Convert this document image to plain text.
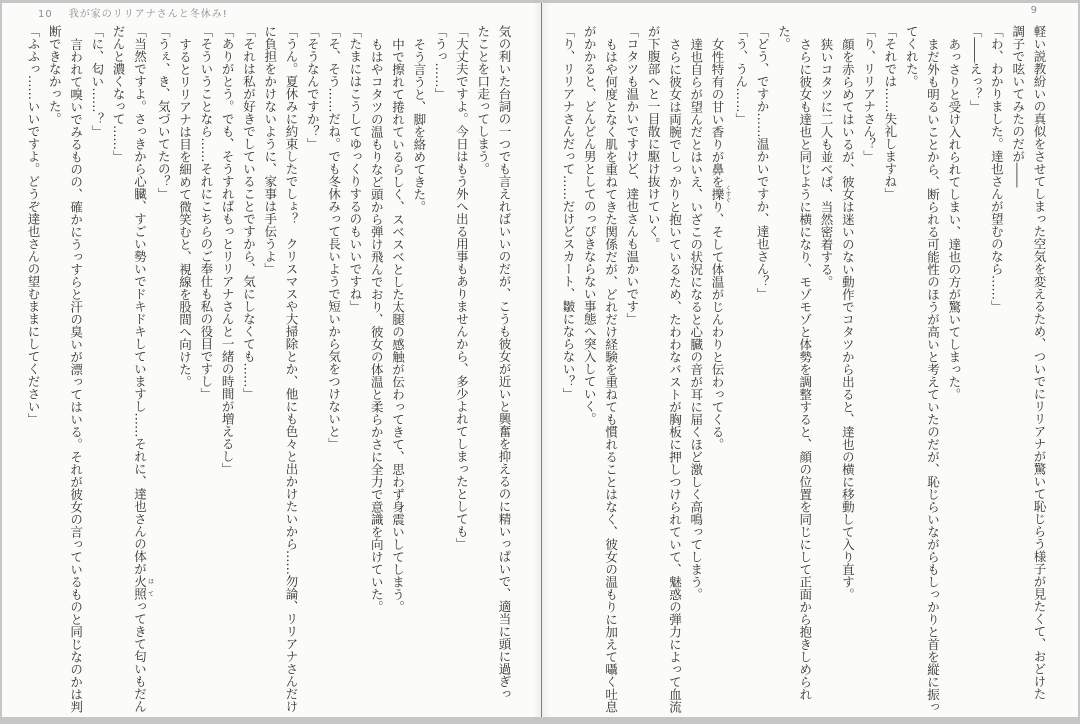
10 我が家のリリアナさんと冬休み!

気の利いた台詞の一つでも言えればいいのだが、こうも彼女が近いと興奮を抑えるのに精いっぱいで、適当に頭に過ぎっ

たことを口走ってしまう。

「大丈夫ですよ。今日はもう外へ出る用事もありませんから、多少よれてしまったとしても」

「うっ……」

そう言うと、脚を絡めてきた。

中で擦れて捲れているらしく、スベスベとした太腿の感触が伝わってきて、思わず身震いしてしまう。

もはやコタツの温もりなど頭から弾け飛んでおり、彼女の体温と柔らかさに全力で意識を向けていた。

「たまにはこうしてゆっくりするのもいいですね」

「そ、そう……だね。でも冬休みって長いようで短いから気をつけないと」

「そうなんですか？」

「うん。夏休みに約束したでしょ？　クリスマスや大掃除とか、他にも色々と出かけたいから……勿論、リリアナさんだけ

に負担をかけないように、家事は手伝うよ」

「それは私が好きでしていることですから、気にしなくても……」

「ありがとう。でも、そうすればもっとリリアナさんと一緒の時間が増えるし」

「そういうことなら……それにこちらのご奉仕も私の役目ですし」

するとリリアナは目を細めて微笑むと、視線を股間へ向けた。

「うぇ、き、気づいてたの？」

「当然ですよ。さっきから心臓、すごい勢いでドキドキしていますし……それに、達也さんの体が火照 ほてってきて匂いもだん

だんと濃くなって……」

「に、匂い……？」

言われて嗅いでみるものの、確かにうっすらと汗の臭いが漂ってはいる。それが彼女の言っているものと同じなのかは判

断できなかった。

「ふふっ……いいですよ。どうぞ達也さんの望むままにしてください」

9

軽い説教紛いの真似をさせてしまった空気を変えるため、ついでにリリアナが驚いて恥じらう様子が見たくて、おどけた

調子で呟いてみたのだが――

「わ、わかりました。達也さんが望むのなら……」

「――えっ？」

あっさりと受け入れられてしまい、達也の方が驚いてしまった。

まだ外も明るいことから、断られる可能性のほうが高いと考えていたのだが、恥じらいながらもしっかりと首を縦に振っ

てくれた。

「それでは……失礼しますね」

「り、リリアナさん？」

顔を赤らめてはいるが、彼女は迷いのない動作でコタツから出ると、達也の横に移動して入り直す。

狭いコタツに二人も並べば、当然密着する。

さらに彼女も達也と同じように横になり、モゾモゾと体勢を調整すると、顔の位置を同じにして正面から抱きしめられ

た。

「どう、ですか……温かいですか、達也さん？」

「う、うん……」

女性特有の甘い香りが鼻を擽 くすぐり、そして体温がじんわりと伝わってくる。

達也自らが望んだとはいえ、いざこの状況になると心臓の音が耳に届くほど激しく高鳴ってしまう。

さらに彼女は両腕でしっかりと抱いているため、たわわなバストが胸板に押しつけられていて、魅惑の弾力によって血流

が下腹部へと一目散に駆け抜けていく。

「コタツも温かいですけど、達也さんも温かいです」

もはや何度となく肌を重ねてきた関係だが、どれだけ経験を重ねても慣れることはなく、彼女の温もりに加えて囁く吐息

がかかると、どんどん男としてのっぴきならない事態へ突入していく。

「り、リリアナさんだって……だけどスカート、皺にならない？」
